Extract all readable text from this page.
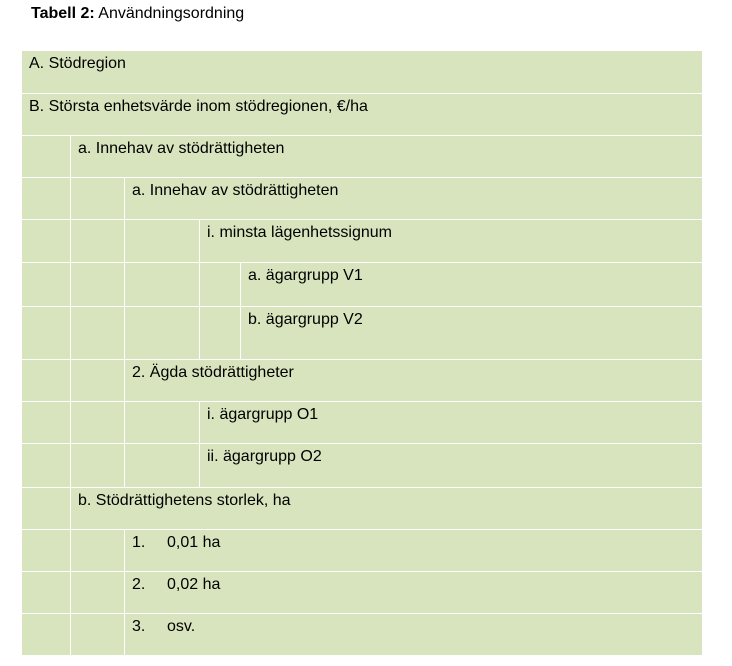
Tabell 2: Användningsordning
A. Stödregion
B. Största enhetsvärde inom stödregionen, €/ha
a. Innehav av stödrättigheten
a. Innehav av stödrättigheten
i. minsta lägenhetssignum
a. ägargrupp V1
b. ägargrupp V2
2. Ägda stödrättigheter
i. ägargrupp O1
ii. ägargrupp O2
b. Stödrättighetens storlek, ha
1. 0,01 ha
2. 0,02 ha
3. osv.
